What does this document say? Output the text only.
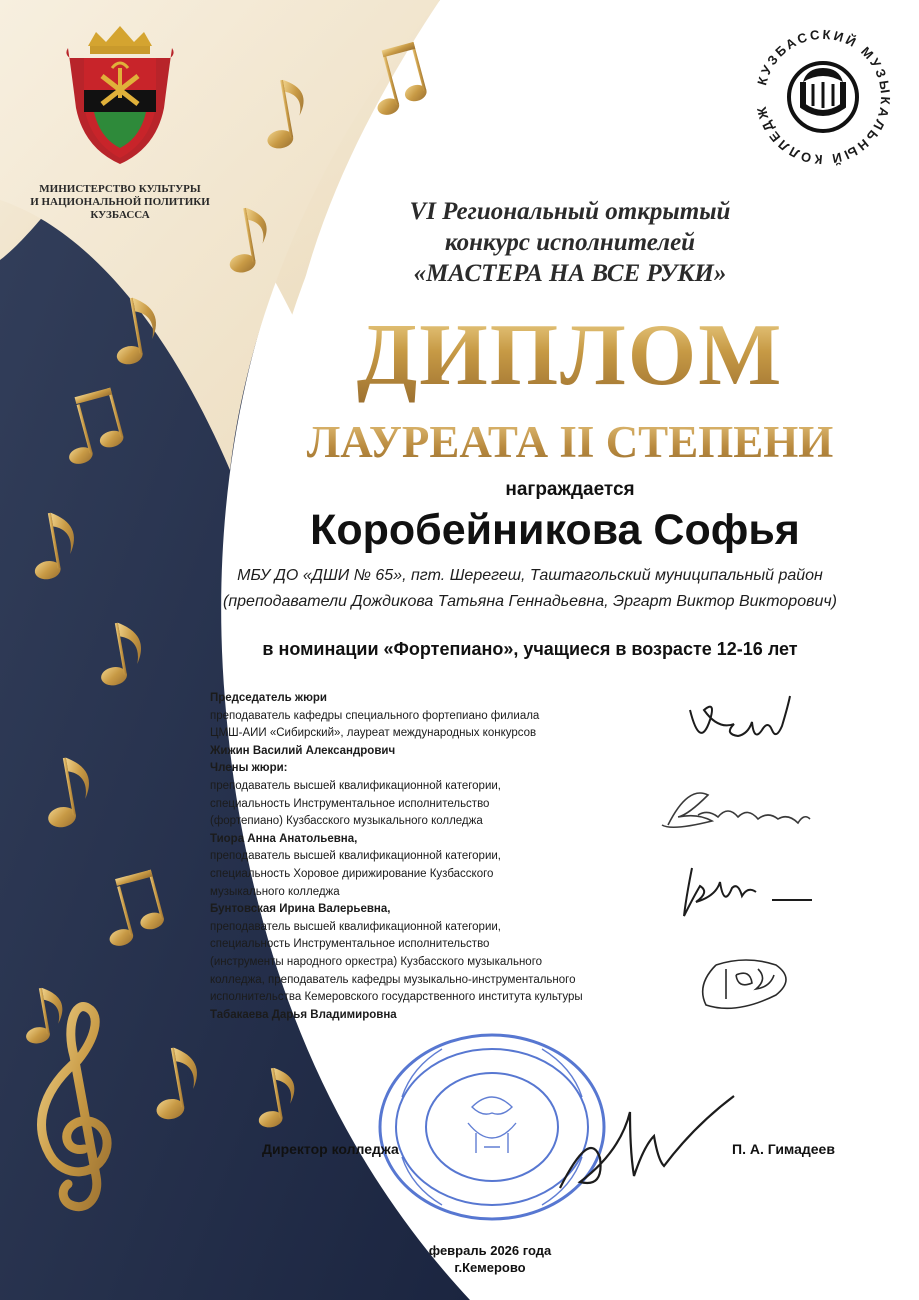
МИНИСТЕРСТВО КУЛЬТУРЫ
И НАЦИОНАЛЬНОЙ ПОЛИТИКИ
КУЗБАССА
КУЗБАССКИЙ МУЗЫКАЛЬНЫЙ КОЛЛЕДЖ
VI Региональный открытый
конкурс исполнителей
«МАСТЕРА НА ВСЕ РУКИ»
ДИПЛОМ
ЛАУРЕАТА II СТЕПЕНИ
награждается
Коробейникова Софья
МБУ ДО «ДШИ № 65», пгт. Шерегеш, Таштагольский муниципальный район
(преподаватели Дождикова Татьяна Геннадьевна, Эргарт Виктор Викторович)
в номинации «Фортепиано», учащиеся в возрасте 12-16 лет
Председатель жюри
преподаватель кафедры специального фортепиано филиала
ЦМШ-АИИ «Сибирский», лауреат международных конкурсов
Жижин Василий Александрович
Члены жюри:
преподаватель высшей квалификационной категории,
специальность Инструментальное исполнительство
(фортепиано) Кузбасского музыкального колледжа
Тиора Анна Анатольевна,
преподаватель высшей квалификационной категории,
специальность Хоровое дирижирование Кузбасского
музыкального колледжа
Бунтовская Ирина Валерьевна,
преподаватель высшей квалификационной категории,
специальность Инструментальное исполнительство
(инструменты народного оркестра) Кузбасского музыкального
колледжа, преподаватель кафедры музыкально-инструментального
исполнительства Кемеровского государственного института культуры
Табакаева Дарья Владимировна
Директор колледжа	П. А. Гимадеев
февраль 2026 года
г.Кемерово
